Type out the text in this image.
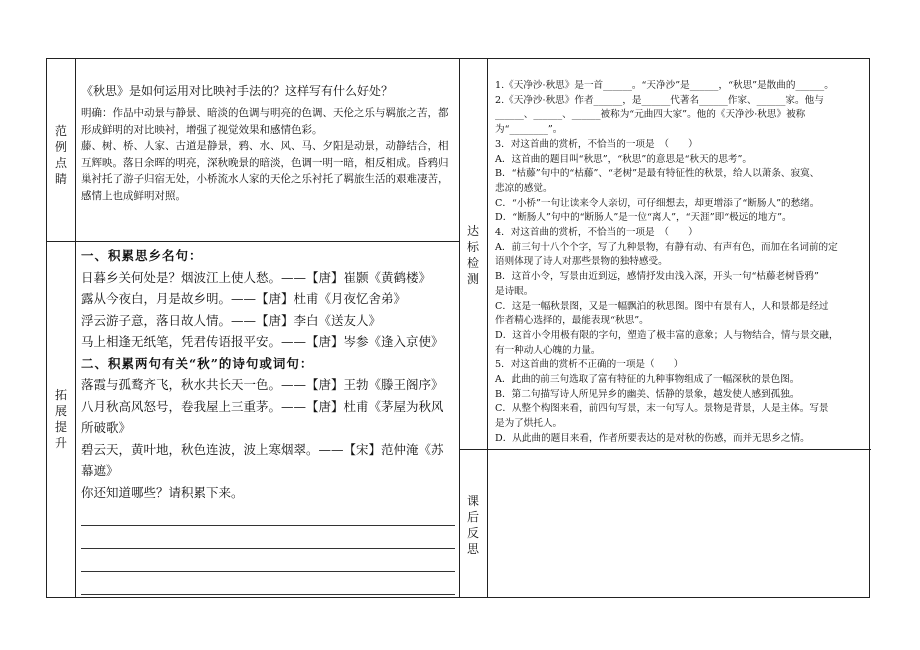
范
例
点
睛
拓
展
提
升
达
标
检
测
课
后
反
思
《秋思》是如何运用对比映衬手法的？这样写有什么好处？

明确：作品中动景与静景、暗淡的色调与明亮的色调、天伦之乐与羁旅之苦，都

形成鲜明的对比映衬，增强了视觉效果和感情色彩。

藤、树、桥、人家、古道是静景，鸦、水、风、马、夕阳是动景，动静结合，相

互辉映。落日余晖的明亮，深秋晚景的暗淡，色调一明一暗，相反相成。昏鸦归

巢衬托了游子归宿无处，小桥流水人家的天伦之乐衬托了羁旅生活的艰难凄苦，

感情上也成鲜明对照。

一、积累思乡名句：
日暮乡关何处是？烟波江上使人愁。——【唐】崔颢《黄鹤楼》
露从今夜白，月是故乡明。——【唐】杜甫《月夜忆舍弟》
浮云游子意，落日故人情。——【唐】李白《送友人》
马上相逢无纸笔，凭君传语报平安。——【唐】岑参《逢入京使》
二、积累两句有关“秋”的诗句或词句：
落霞与孤鹜齐飞，秋水共长天一色。——【唐】王勃《滕王阁序》
八月秋高风怒号，卷我屋上三重茅。——【唐】杜甫《茅屋为秋风所破歌》
碧云天，黄叶地，秋色连波，波上寒烟翠。——【宋】范仲淹《苏幕遮》
你还知道哪些？请积累下来。
1.《天净沙·秋思》是一首______。“天净沙”是______，“秋思”是散曲的______。
2.《天净沙·秋思》作者______，是______代著名______作家、______家。他与
______、______、______被称为“元曲四大家”。他的《天净沙·秋思》被称
为“________”。
3．对这首曲的赏析，不恰当的一项是　（　　）
A．这首曲的题目叫“秋思”，“秋思”的意思是“秋天的思考”。
B．“枯藤”句中的“枯藤”、“老树”是最有特征性的秋景，给人以萧条、寂寞、
悲凉的感觉。
C．“小桥”一句让读来令人亲切，可仔细想去，却更增添了“断肠人”的愁绪。
D．“断肠人”句中的“断肠人”是一位“离人”，“天涯”即“极远的地方”。
4．对这首曲的赏析，不恰当的一项是　（　　）
A．前三句十八个个字，写了九种景物，有静有动、有声有色，而加在名词前的定
语则体现了诗人对那些景物的独特感受。
B．这首小令，写景由近到远，感情抒发由浅入深，开头一句“枯藤老树昏鸦”
是诗眼。
C．这是一幅秋景图，又是一幅飘泊的秋思图。图中有景有人，人和景都是经过
作者精心选择的，最能表现“秋思”。
D．这首小令用极有限的字句，塑造了极丰富的意象；人与物结合，情与景交融，
有一种动人心魄的力量。
5．对这首曲的赏析不正确的一项是（　　）
A．此曲的前三句选取了富有特征的九种事物组成了一幅深秋的景色图。
B．第二句描写诗人所见异乡的幽美、恬静的景象，越发使人感到孤独。
C．从整个构图来看，前四句写景，末一句写人。景物是背景，人是主体。写景
是为了烘托人。
D．从此曲的题目来看，作者所要表达的是对秋的伤感，而并无思乡之情。
